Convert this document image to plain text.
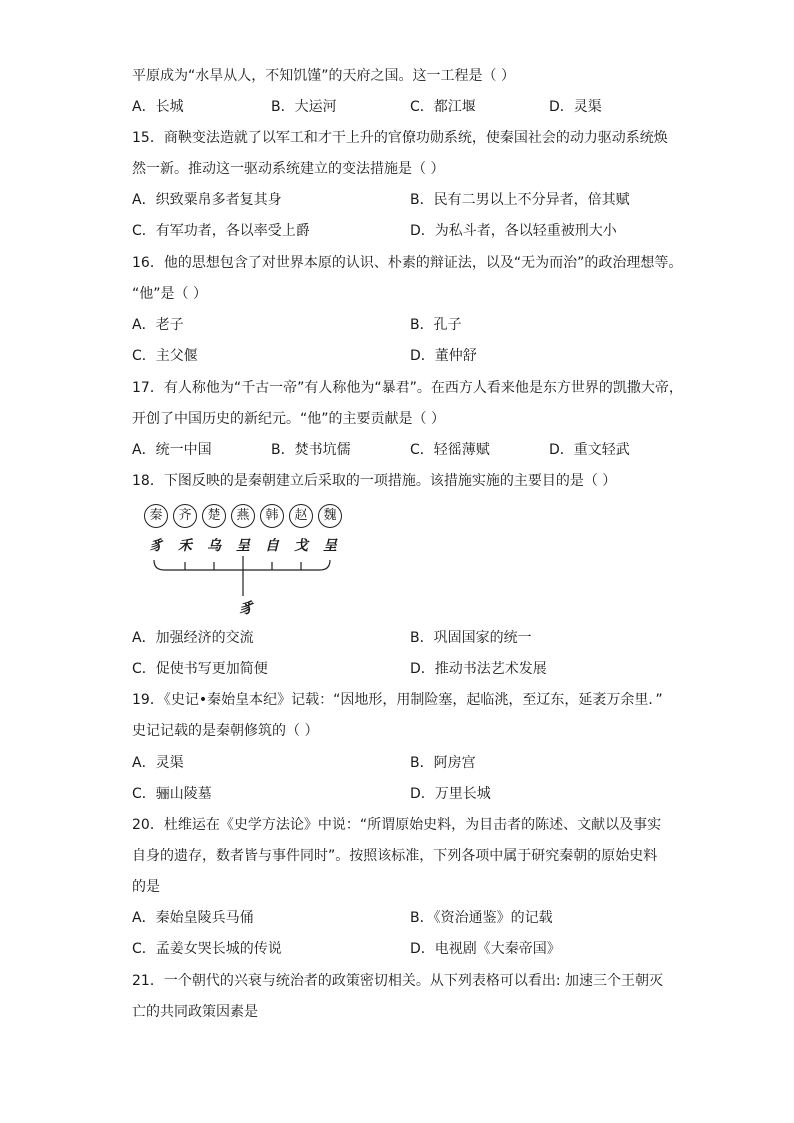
平原成为“水旱从人，不知饥馑”的天府之国。这一工程是（ ）
A．长城	B．大运河	C．都江堰	D．灵渠
15．商鞅变法造就了以军工和才干上升的官僚功勋系统，使秦国社会的动力驱动系统焕
然一新。推动这一驱动系统建立的变法措施是（ ）
A．织致粟帛多者复其身	B．民有二男以上不分异者，倍其赋
C．有军功者，各以率受上爵	D．为私斗者，各以轻重被刑大小
16．他的思想包含了对世界本原的认识、朴素的辩证法，以及“无为而治”的政治理想等。
“他”是（ ）
A．老子	B．孔子
C．主父偃	D．董仲舒
17．有人称他为“千古一帝”有人称他为“暴君”。在西方人看来他是东方世界的凯撒大帝，
开创了中国历史的新纪元。“他”的主要贡献是（ ）
A．统一中国	B．焚书坑儒	C．轻徭薄赋	D．重文轻武
18．下图反映的是秦朝建立后采取的一项措施。该措施实施的主要目的是（ ）
秦	齐	楚	燕	韩	赵	魏
豸	禾	乌	呈	自	戈	呈
豸
A．加强经济的交流	B．巩固国家的统一
C．促使书写更加简便	D．推动书法艺术发展
19．《史记•秦始皇本纪》记载：“因地形，用制险塞，起临洮，至辽东，延袤万余里．”
史记记载的是秦朝修筑的（ ）
A．灵渠	B．阿房宫
C．骊山陵墓	D．万里长城
20．杜维运在《史学方法论》中说：“所谓原始史料，为目击者的陈述、文献以及事实
自身的遗存，数者皆与事件同时”。按照该标准，下列各项中属于研究秦朝的原始史料
的是
A．秦始皇陵兵马俑	B．《资治通鉴》的记载
C．孟姜女哭长城的传说	D．电视剧《大秦帝国》
21．一个朝代的兴衰与统治者的政策密切相关。从下列表格可以看出: 加速三个王朝灭
亡的共同政策因素是
